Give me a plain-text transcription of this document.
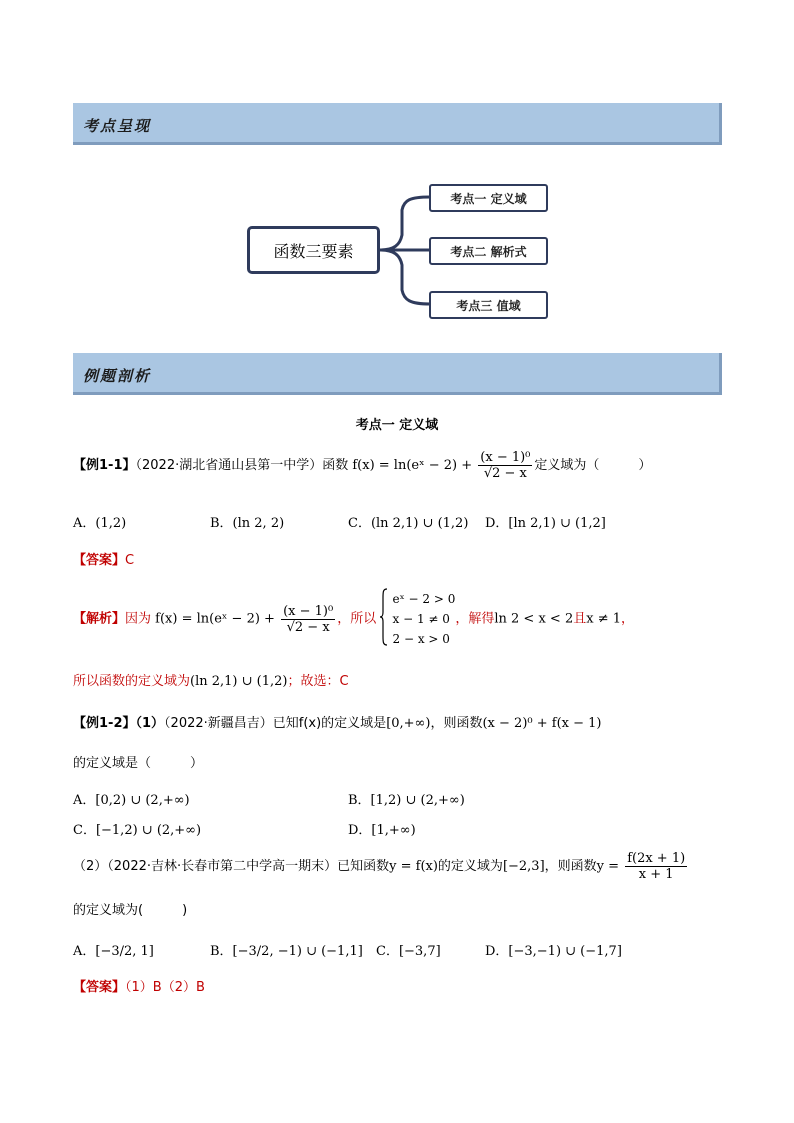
考点呈现
函数三要素
考点一 定义域
考点二 解析式
考点三 值域
例题剖析
考点一 定义域
【例1-1】（2022·湖北省通山县第一中学）函数 f(x) = ln(eˣ − $2) + \frac{\text{(x − 1)⁰}}{√2 - x}$ 定义域为（　　　）
A．(1,2)	B．(ln 2, 2)	C．(ln 2,1) ∪ (1,2) D．[ln 2,1) ∪ (1,2]
【答案】C
【解析】因为 f(x) = ln(eˣ − $2) + \frac{\text{(x − 1)⁰}}{√2 - x}$ ，所以
eˣ − 2 > 0
x − 1 ≠ 0
2 − x > 0
，解得ln 2 < x < 2且x ≠ 1，
所以函数的定义域为(ln 2,1) ∪ (1,2)；故选：C
【例1-2】（1）（2022·新疆昌吉）已知f(x)的定义域是[0,+∞)，则函数(x − 2)⁰ + f(x − 1)
的定义域是（　　　）
A．[0,2) ∪ (2,+∞)	B．[1,2) ∪ (2,+∞)
C．[−1,2) ∪ (2,+∞)	D．[1,+∞)
（2）（2022·吉林·长春市第二中学高一期末）已知函数y = f(x)的定义域为[−2,3]，则函数$y = \frac{f(2x + 1)}{x + 1}$
的定义域为(　　　)
A．[−3/2, 1]	B．[−3/2, −1) ∪ (−1,1] C．[−3,7]	D．[−3,−1) ∪ (−1,7]
【答案】（1）B（2）B
